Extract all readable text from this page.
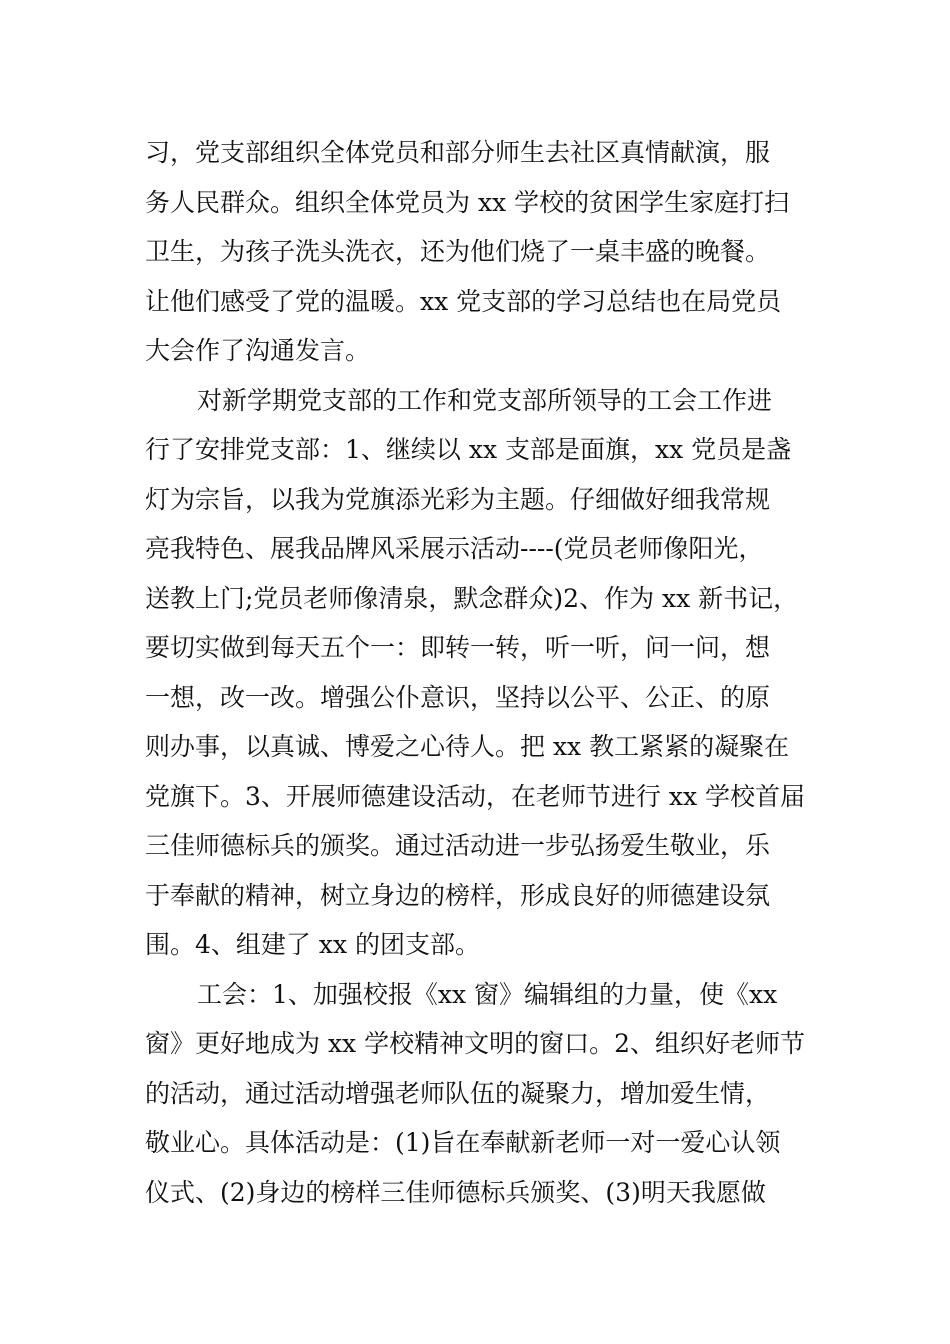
习，党支部组织全体党员和部分师生去社区真情献演，服
务人民群众。组织全体党员为 xx 学校的贫困学生家庭打扫
卫生，为孩子洗头洗衣，还为他们烧了一桌丰盛的晚餐。
让他们感受了党的温暖。xx 党支部的学习总结也在局党员
大会作了沟通发言。
对新学期党支部的工作和党支部所领导的工会工作进
行了安排党支部：1、继续以 xx 支部是面旗，xx 党员是盏
灯为宗旨，以我为党旗添光彩为主题。仔细做好细我常规
亮我特色、展我品牌风采展示活动----(党员老师像阳光，
送教上门;党员老师像清泉，默念群众)2、作为 xx 新书记，
要切实做到每天五个一：即转一转，听一听，问一问，想
一想，改一改。增强公仆意识，坚持以公平、公正、的原
则办事，以真诚、博爱之心待人。把 xx 教工紧紧的凝聚在
党旗下。3、开展师德建设活动，在老师节进行 xx 学校首届
三佳师德标兵的颁奖。通过活动进一步弘扬爱生敬业，乐
于奉献的精神，树立身边的榜样，形成良好的师德建设氛
围。4、组建了 xx 的团支部。
工会：1、加强校报《xx 窗》编辑组的力量，使《xx
窗》更好地成为 xx 学校精神文明的窗口。2、组织好老师节
的活动，通过活动增强老师队伍的凝聚力，增加爱生情，
敬业心。具体活动是：(1)旨在奉献新老师一对一爱心认领
仪式、(2)身边的榜样三佳师德标兵颁奖、(3)明天我愿做
